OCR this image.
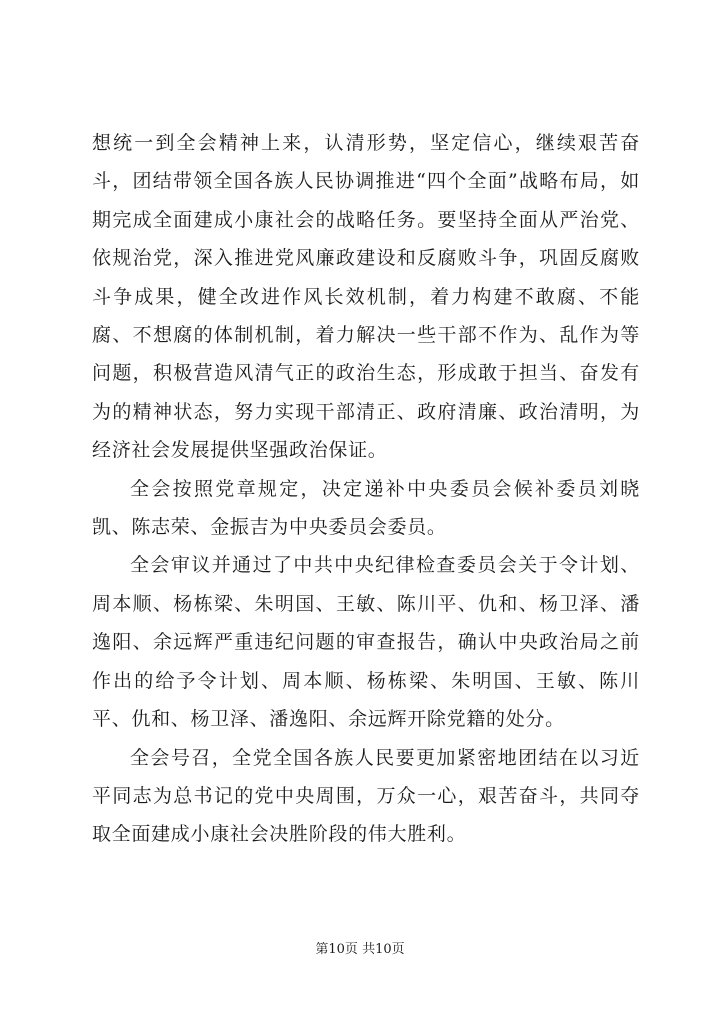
想统一到全会精神上来，认清形势，坚定信心，继续艰苦奋斗，团结带领全国各族人民协调推进“四个全面”战略布局，如期完成全面建成小康社会的战略任务。要坚持全面从严治党、依规治党，深入推进党风廉政建设和反腐败斗争，巩固反腐败斗争成果，健全改进作风长效机制，着力构建不敢腐、不能腐、不想腐的体制机制，着力解决一些干部不作为、乱作为等问题，积极营造风清气正的政治生态，形成敢于担当、奋发有为的精神状态，努力实现干部清正、政府清廉、政治清明，为经济社会发展提供坚强政治保证。

全会按照党章规定，决定递补中央委员会候补委员刘晓凯、陈志荣、金振吉为中央委员会委员。

全会审议并通过了中共中央纪律检查委员会关于令计划、周本顺、杨栋梁、朱明国、王敏、陈川平、仇和、杨卫泽、潘逸阳、余远辉严重违纪问题的审查报告，确认中央政治局之前作出的给予令计划、周本顺、杨栋梁、朱明国、王敏、陈川平、仇和、杨卫泽、潘逸阳、余远辉开除党籍的处分。

全会号召，全党全国各族人民要更加紧密地团结在以习近平同志为总书记的党中央周围，万众一心，艰苦奋斗，共同夺取全面建成小康社会决胜阶段的伟大胜利。

第10页 共10页
